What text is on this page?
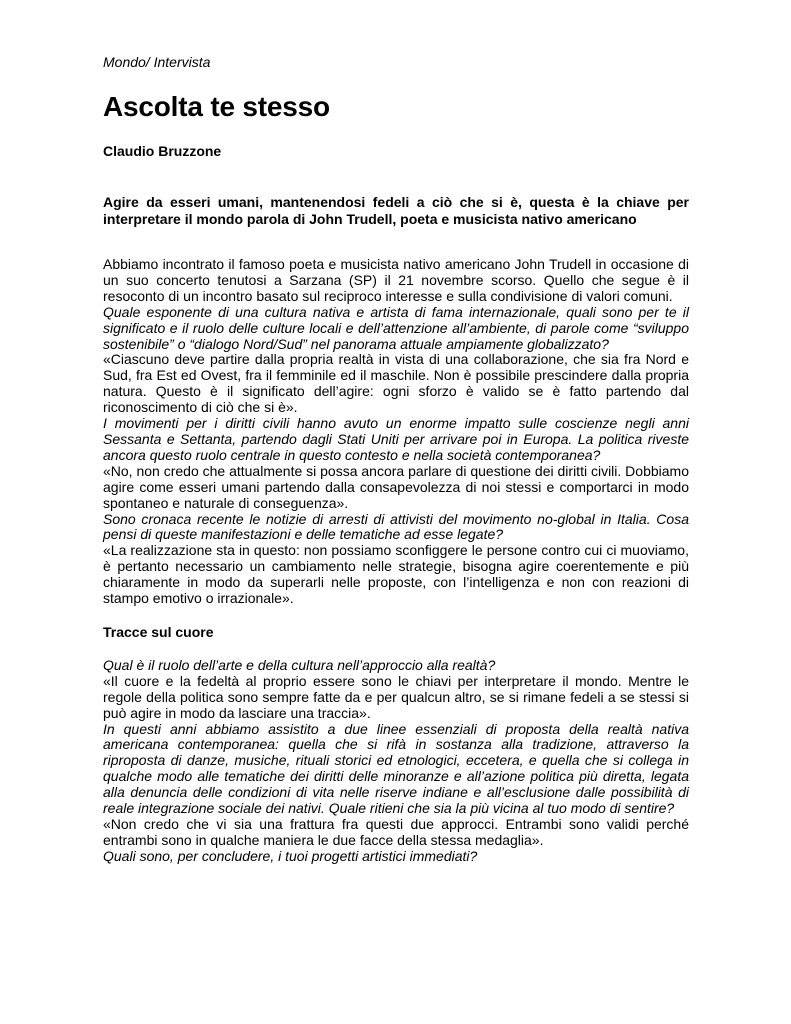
Mondo/ Intervista

Ascolta te stesso

Claudio Bruzzone

Agire da esseri umani, mantenendosi fedeli a ciò che si è, questa è la chiave per interpretare il mondo parola di John Trudell, poeta e musicista nativo americano

Abbiamo incontrato il famoso poeta e musicista nativo americano John Trudell in occasione di un suo concerto tenutosi a Sarzana (SP) il 21 novembre scorso. Quello che segue è il resoconto di un incontro basato sul reciproco interesse e sulla condivisione di valori comuni.

Quale esponente di una cultura nativa e artista di fama internazionale, quali sono per te il significato e il ruolo delle culture locali e dell’attenzione all’ambiente, di parole come “sviluppo sostenibile” o “dialogo Nord/Sud” nel panorama attuale ampiamente globalizzato?

«Ciascuno deve partire dalla propria realtà in vista di una collaborazione, che sia fra Nord e Sud, fra Est ed Ovest, fra il femminile ed il maschile. Non è possibile prescindere dalla propria natura. Questo è il significato dell’agire: ogni sforzo è valido se è fatto partendo dal riconoscimento di ciò che si è».

I movimenti per i diritti civili hanno avuto un enorme impatto sulle coscienze negli anni Sessanta e Settanta, partendo dagli Stati Uniti per arrivare poi in Europa. La politica riveste ancora questo ruolo centrale in questo contesto e nella società contemporanea?

«No, non credo che attualmente si possa ancora parlare di questione dei diritti civili. Dobbiamo agire come esseri umani partendo dalla consapevolezza di noi stessi e comportarci in modo spontaneo e naturale di conseguenza».

Sono cronaca recente le notizie di arresti di attivisti del movimento no-global in Italia. Cosa pensi di queste manifestazioni e delle tematiche ad esse legate?

«La realizzazione sta in questo: non possiamo sconfiggere le persone contro cui ci muoviamo, è pertanto necessario un cambiamento nelle strategie, bisogna agire coerentemente e più chiaramente in modo da superarli nelle proposte, con l’intelligenza e non con reazioni di stampo emotivo o irrazionale».

Tracce sul cuore

Qual è il ruolo dell’arte e della cultura nell’approccio alla realtà?

«Il cuore e la fedeltà al proprio essere sono le chiavi per interpretare il mondo. Mentre le regole della politica sono sempre fatte da e per qualcun altro, se si rimane fedeli a se stessi si può agire in modo da lasciare una traccia».

In questi anni abbiamo assistito a due linee essenziali di proposta della realtà nativa americana contemporanea: quella che si rifà in sostanza alla tradizione, attraverso la riproposta di danze, musiche, rituali storici ed etnologici, eccetera, e quella che si collega in qualche modo alle tematiche dei diritti delle minoranze e all’azione politica più diretta, legata alla denuncia delle condizioni di vita nelle riserve indiane e all’esclusione dalle possibilità di reale integrazione sociale dei nativi. Quale ritieni che sia la più vicina al tuo modo di sentire?

«Non credo che vi sia una frattura fra questi due approcci. Entrambi sono validi perché entrambi sono in qualche maniera le due facce della stessa medaglia».

Quali sono, per concludere, i tuoi progetti artistici immediati?
